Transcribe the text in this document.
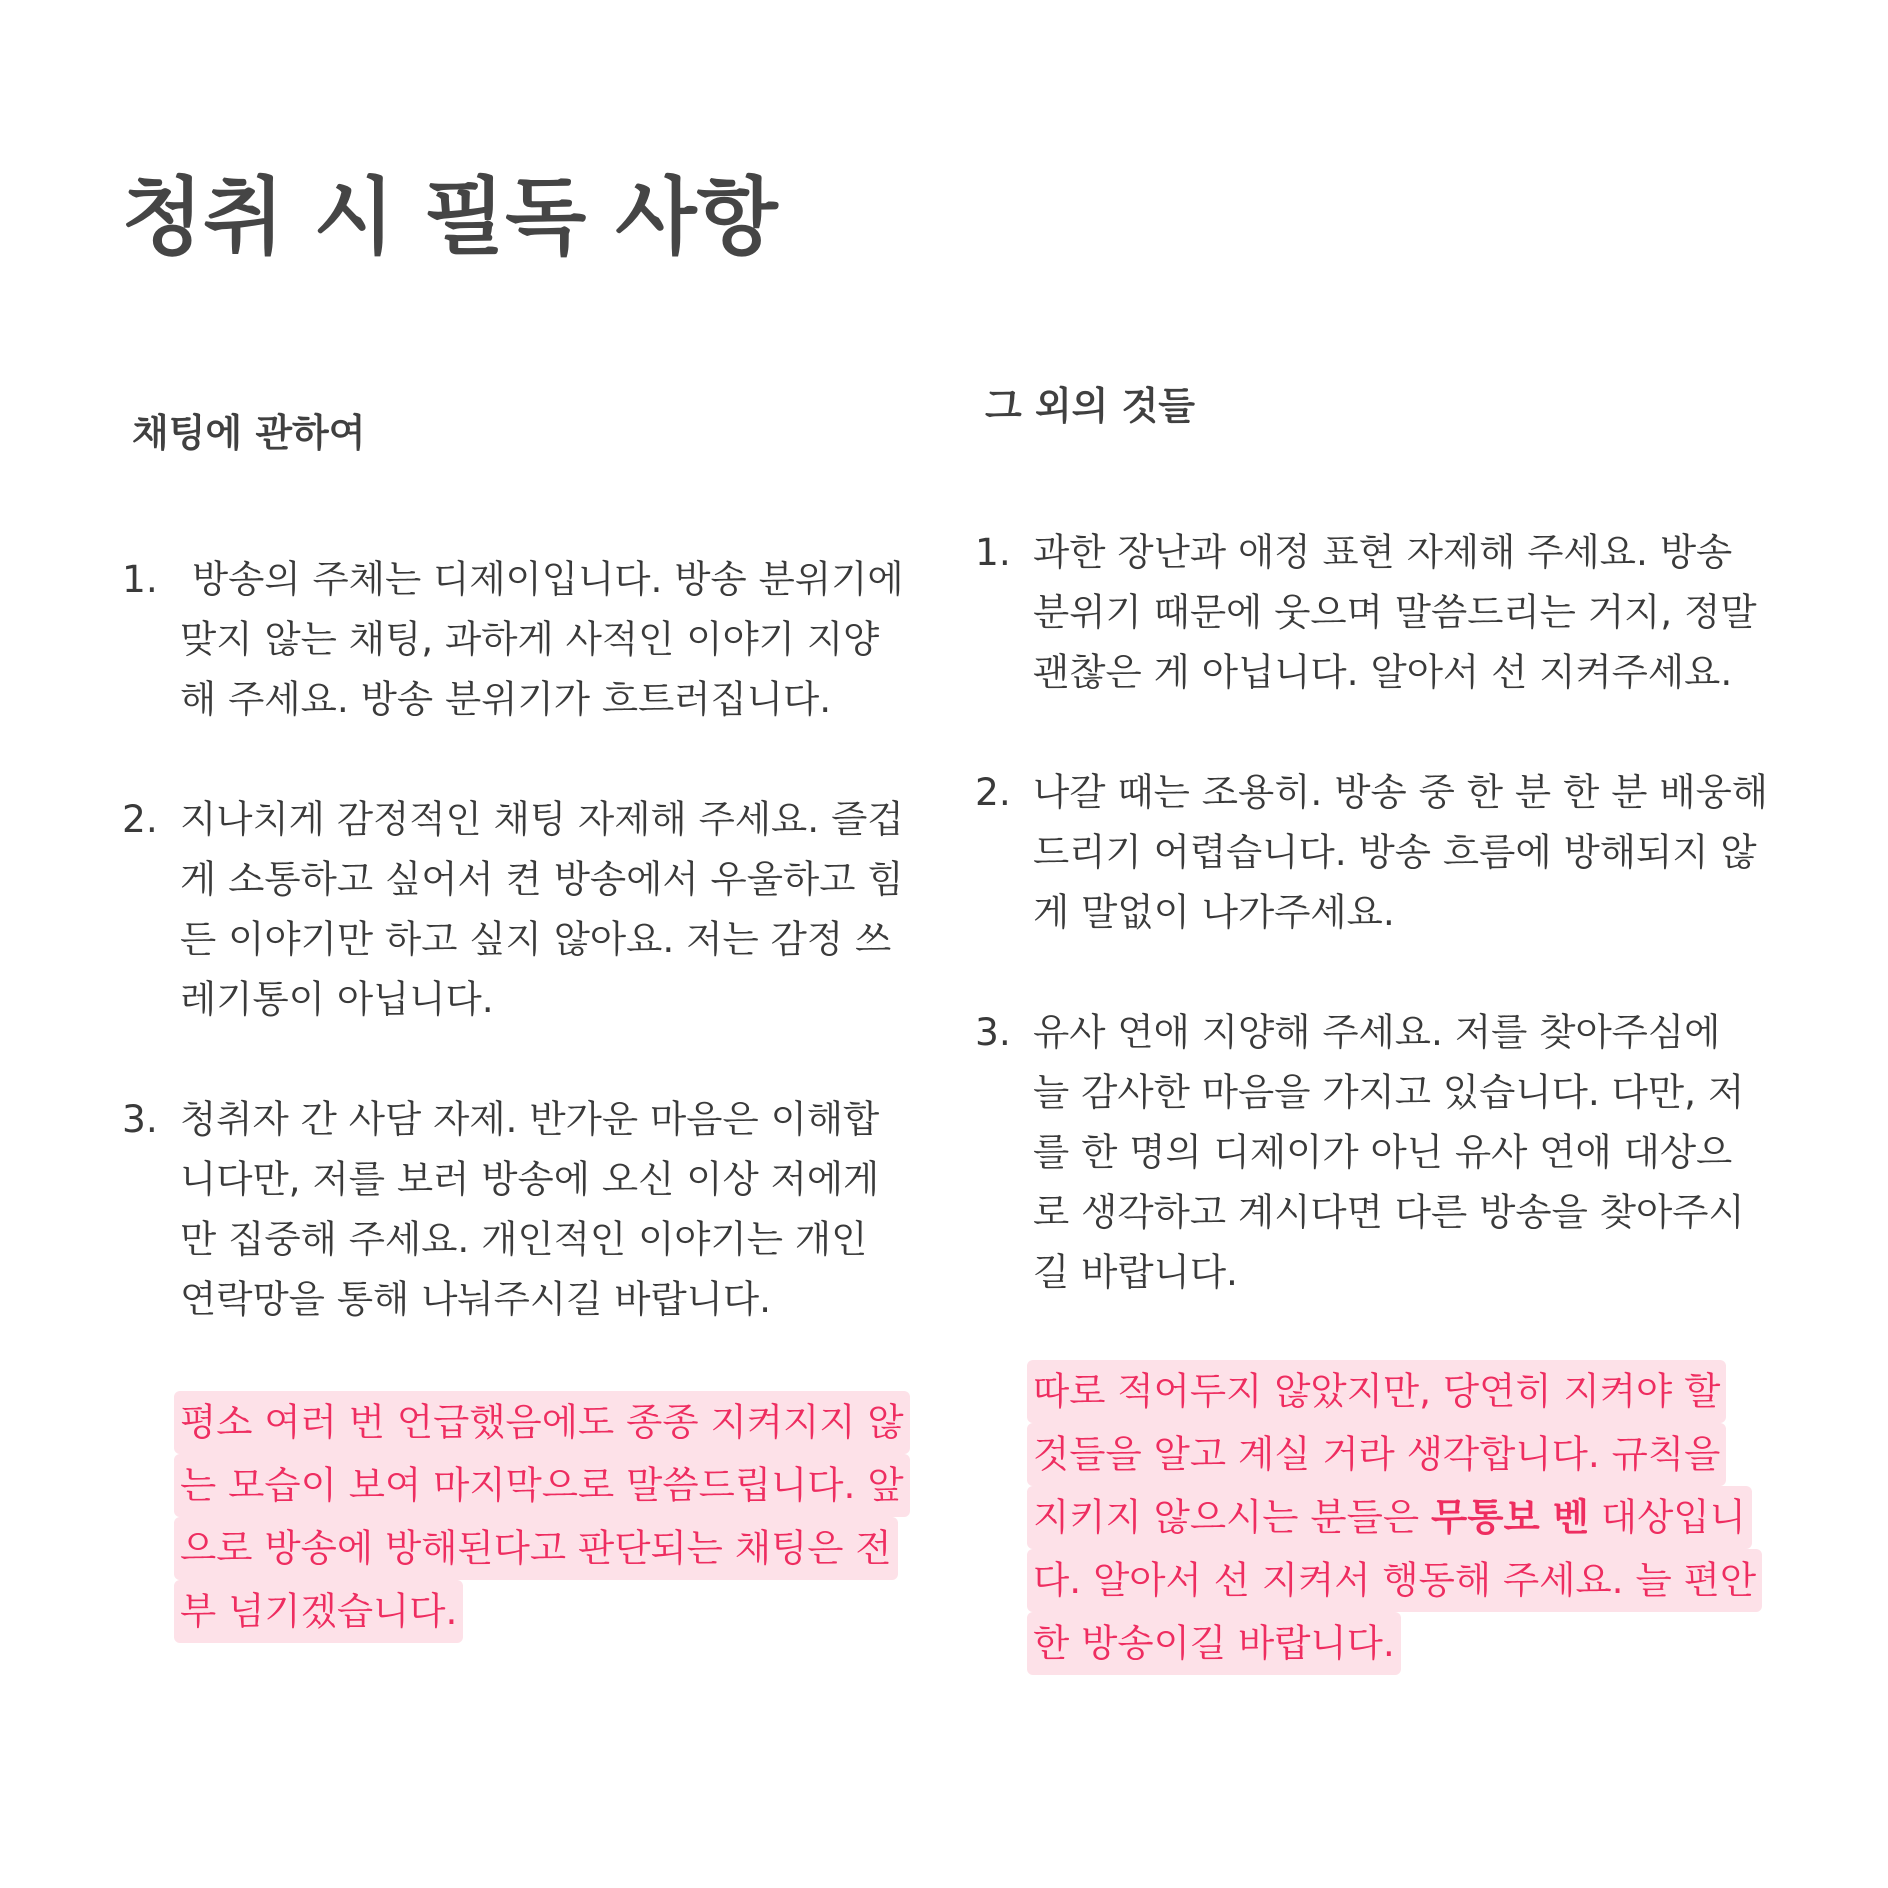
청취 시 필독 사항
채팅에 관하여
1. 방송의 주체는 디제이입니다. 방송 분위기에
맞지 않는 채팅, 과하게 사적인 이야기 지양
해 주세요. 방송 분위기가 흐트러집니다.
2. 지나치게 감정적인 채팅 자제해 주세요. 즐겁
게 소통하고 싶어서 켠 방송에서 우울하고 힘
든 이야기만 하고 싶지 않아요. 저는 감정 쓰
레기통이 아닙니다.
3. 청취자 간 사담 자제. 반가운 마음은 이해합
니다만, 저를 보러 방송에 오신 이상 저에게
만 집중해 주세요. 개인적인 이야기는 개인
연락망을 통해 나눠주시길 바랍니다.
평소 여러 번 언급했음에도 종종 지켜지지 않
는 모습이 보여 마지막으로 말씀드립니다. 앞
으로 방송에 방해된다고 판단되는 채팅은 전
부 넘기겠습니다.
그 외의 것들
1. 과한 장난과 애정 표현 자제해 주세요. 방송
분위기 때문에 웃으며 말씀드리는 거지, 정말
괜찮은 게 아닙니다. 알아서 선 지켜주세요.
2. 나갈 때는 조용히. 방송 중 한 분 한 분 배웅해
드리기 어렵습니다. 방송 흐름에 방해되지 않
게 말없이 나가주세요.
3. 유사 연애 지양해 주세요. 저를 찾아주심에
늘 감사한 마음을 가지고 있습니다. 다만, 저
를 한 명의 디제이가 아닌 유사 연애 대상으
로 생각하고 계시다면 다른 방송을 찾아주시
길 바랍니다.
따로 적어두지 않았지만, 당연히 지켜야 할
것들을 알고 계실 거라 생각합니다. 규칙을
지키지 않으시는 분들은 무통보 벤 대상입니
다. 알아서 선 지켜서 행동해 주세요. 늘 편안
한 방송이길 바랍니다.
